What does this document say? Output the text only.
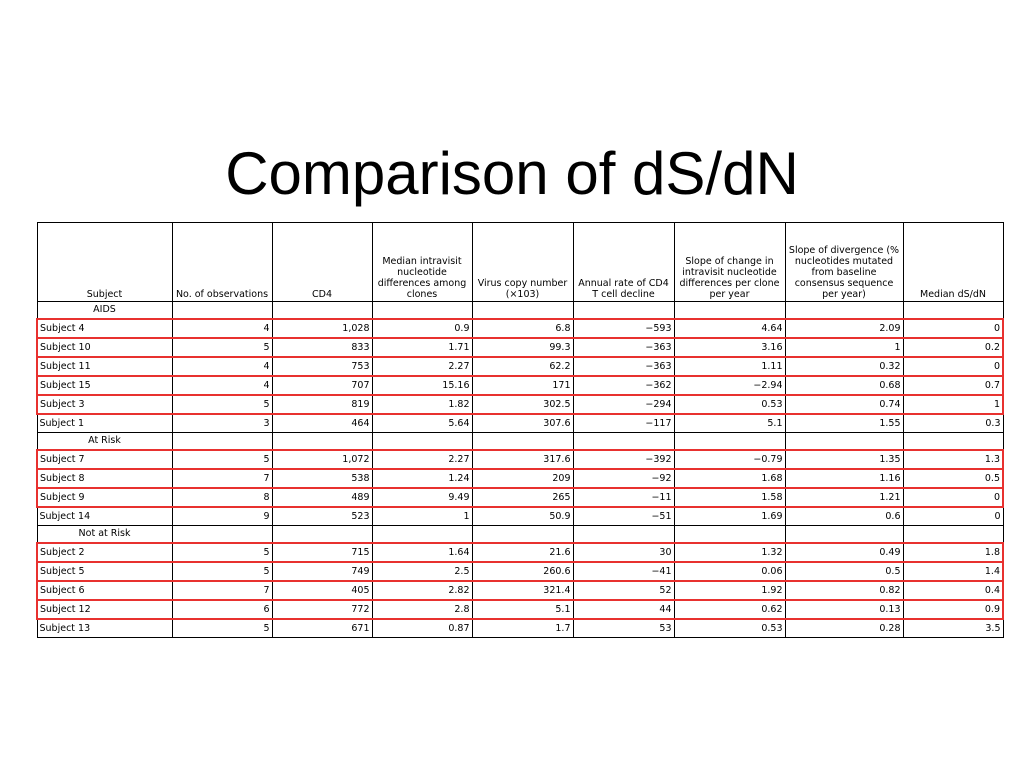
Comparison of dS/dN
Subject	No. of observations	CD4	Median intravisit nucleotide differences among clones	Virus copy number (×103)	Annual rate of CD4 T cell decline	Slope of change in intravisit nucleotide differences per clone per year	Slope of divergence (% nucleotides mutated from baseline consensus sequence per year)	Median dS/dN
AIDS								
Subject 4	4	1,028	0.9	6.8	−593	4.64	2.09	0
Subject 10	5	833	1.71	99.3	−363	3.16	1	0.2
Subject 11	4	753	2.27	62.2	−363	1.11	0.32	0
Subject 15	4	707	15.16	171	−362	−2.94	0.68	0.7
Subject 3	5	819	1.82	302.5	−294	0.53	0.74	1
Subject 1	3	464	5.64	307.6	−117	5.1	1.55	0.3
At Risk								
Subject 7	5	1,072	2.27	317.6	−392	−0.79	1.35	1.3
Subject 8	7	538	1.24	209	−92	1.68	1.16	0.5
Subject 9	8	489	9.49	265	−11	1.58	1.21	0
Subject 14	9	523	1	50.9	−51	1.69	0.6	0
Not at Risk								
Subject 2	5	715	1.64	21.6	30	1.32	0.49	1.8
Subject 5	5	749	2.5	260.6	−41	0.06	0.5	1.4
Subject 6	7	405	2.82	321.4	52	1.92	0.82	0.4
Subject 12	6	772	2.8	5.1	44	0.62	0.13	0.9
Subject 13	5	671	0.87	1.7	53	0.53	0.28	3.5
